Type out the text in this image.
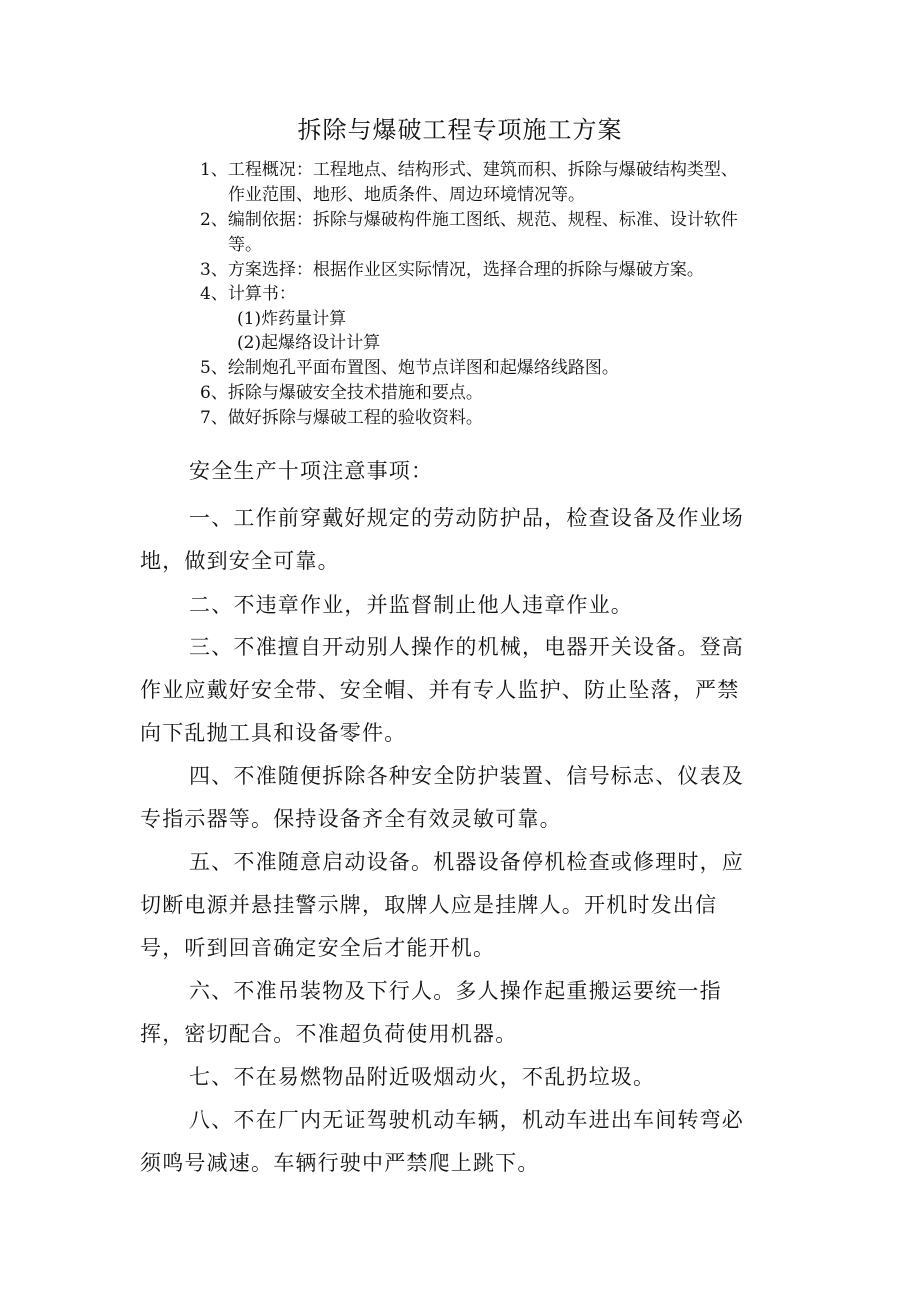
拆除与爆破工程专项施工方案
1、工程概况：工程地点、结构形式、建筑而积、拆除与爆破结构类型、
作业范围、地形、地质条件、周边环境情况等。
2、编制依据：拆除与爆破构件施工图纸、规范、规程、标准、设计软件
等。
3、方案选择：根据作业区实际情况，选择合理的拆除与爆破方案。
4、计算书：
(1)炸药量计算
(2)起爆络设计计算
5、绘制炮孔平面布置图、炮节点详图和起爆络线路图。
6、拆除与爆破安全技术措施和要点。
7、做好拆除与爆破工程的验收资料。
安全生产十项注意事项：
一、工作前穿戴好规定的劳动防护品，检查设备及作业场
地，做到安全可靠。
二、不违章作业，并监督制止他人违章作业。
三、不准擅自开动别人操作的机械，电器开关设备。登高
作业应戴好安全带、安全帽、并有专人监护、防止坠落，严禁
向下乱抛工具和设备零件。
四、不准随便拆除各种安全防护装置、信号标志、仪表及
专指示器等。保持设备齐全有效灵敏可靠。
五、不准随意启动设备。机器设备停机检查或修理时，应
切断电源并悬挂警示牌，取牌人应是挂牌人。开机时发出信
号，听到回音确定安全后才能开机。
六、不准吊装物及下行人。多人操作起重搬运要统一指
挥，密切配合。不准超负荷使用机器。
七、不在易燃物品附近吸烟动火，不乱扔垃圾。
八、不在厂内无证驾驶机动车辆，机动车进出车间转弯必
须鸣号减速。车辆行驶中严禁爬上跳下。
